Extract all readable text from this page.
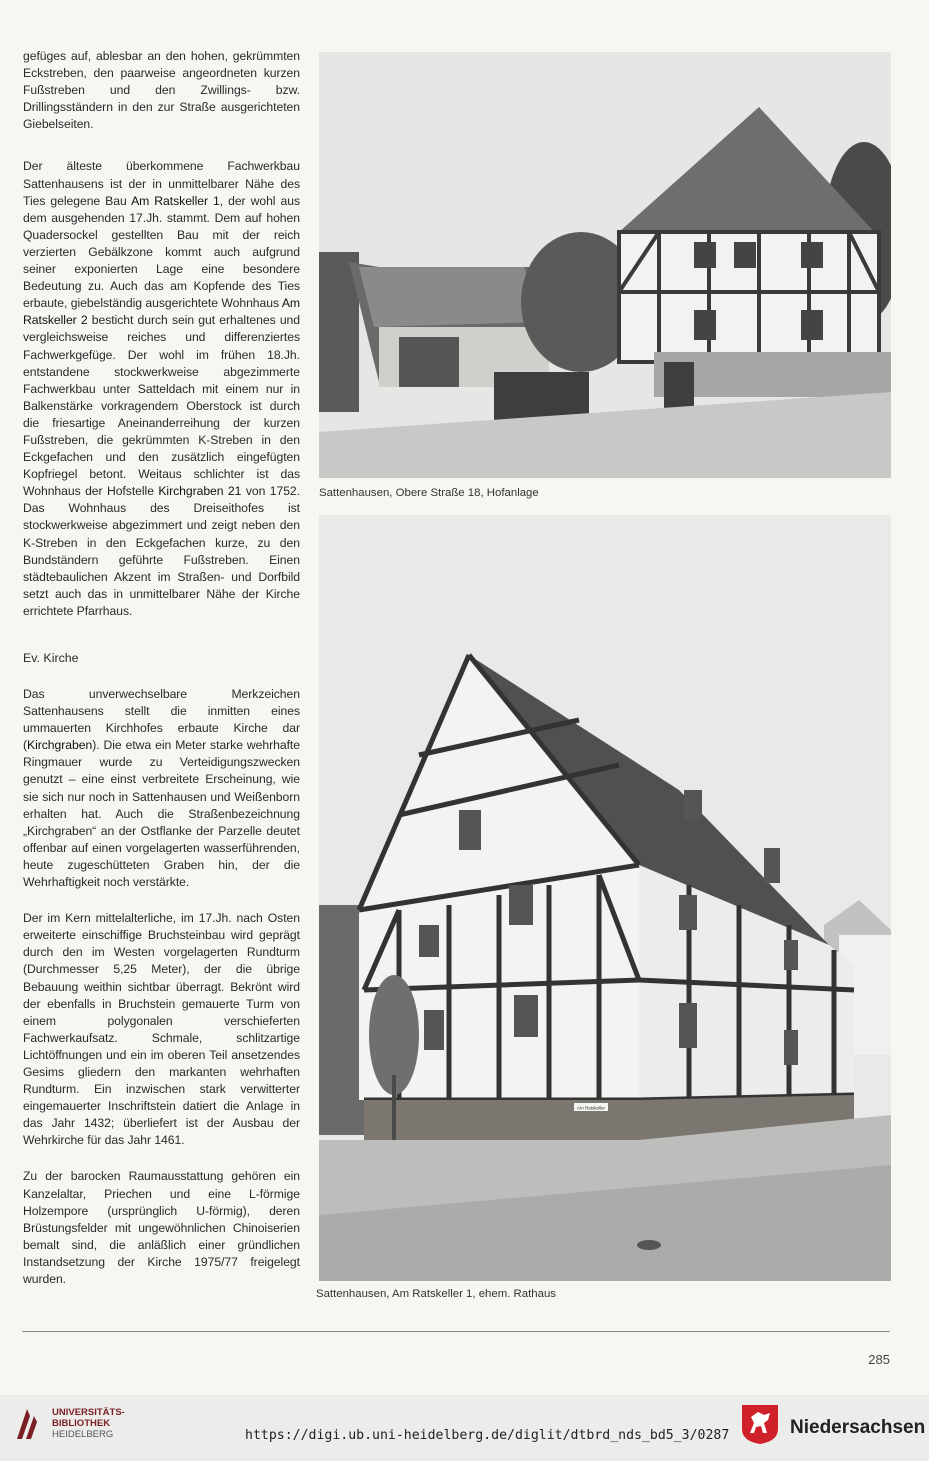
gefüges auf, ablesbar an den hohen, gekrümmten Eckstreben, den paarweise angeordneten kurzen Fußstreben und den Zwillings- bzw. Drillingsständern in den zur Straße ausgerichteten Giebelseiten.

Der älteste überkommene Fachwerkbau Sattenhausens ist der in unmittelbarer Nähe des Ties gelegene Bau Am Ratskeller 1, der wohl aus dem ausgehenden 17.Jh. stammt. Dem auf hohen Quadersockel gestellten Bau mit der reich verzierten Gebälkzone kommt auch aufgrund seiner exponierten Lage eine besondere Bedeutung zu. Auch das am Kopfende des Ties erbaute, giebelständig ausgerichtete Wohnhaus Am Ratskeller 2 besticht durch sein gut erhaltenes und vergleichsweise reiches und differenziertes Fachwerkgefüge. Der wohl im frühen 18.Jh. entstandene stockwerkweise abgezimmerte Fachwerkbau unter Satteldach mit einem nur in Balkenstärke vorkragendem Oberstock ist durch die friesartige Aneinanderreihung der kurzen Fußstreben, die gekrümmten K-Streben in den Eckgefachen und den zusätzlich eingefügten Kopfriegel betont. Weitaus schlichter ist das Wohnhaus der Hofstelle Kirchgraben 21 von 1752. Das Wohnhaus des Dreiseithofes ist stockwerkweise abgezimmert und zeigt neben den K-Streben in den Eckgefachen kurze, zu den Bundständern geführte Fußstreben. Einen städtebaulichen Akzent im Straßen- und Dorfbild setzt auch das in unmittelbarer Nähe der Kirche errichtete Pfarrhaus.

Ev. Kirche

Das unverwechselbare Merkzeichen Sattenhausens stellt die inmitten eines ummauerten Kirchhofes erbaute Kirche dar (Kirchgraben). Die etwa ein Meter starke wehrhafte Ringmauer wurde zu Verteidigungszwecken genutzt – eine einst verbreitete Erscheinung, wie sie sich nur noch in Sattenhausen und Weißenborn erhalten hat. Auch die Straßenbezeichnung „Kirchgraben“ an der Ostflanke der Parzelle deutet offenbar auf einen vorgelagerten wasserführenden, heute zugeschütteten Graben hin, der die Wehrhaftigkeit noch verstärkte.

Der im Kern mittelalterliche, im 17.Jh. nach Osten erweiterte einschiffige Bruchsteinbau wird geprägt durch den im Westen vorgelagerten Rundturm (Durchmesser 5,25 Meter), der die übrige Bebauung weithin sichtbar überragt. Bekrönt wird der ebenfalls in Bruchstein gemauerte Turm von einem polygonalen verschieferten Fachwerkaufsatz. Schmale, schlitzartige Lichtöffnungen und ein im oberen Teil ansetzendes Gesims gliedern den markanten wehrhaften Rundturm. Ein inzwischen stark verwitterter eingemauerter Inschriftstein datiert die Anlage in das Jahr 1432; überliefert ist der Ausbau der Wehrkirche für das Jahr 1461.

Zu der barocken Raumausstattung gehören ein Kanzelaltar, Priechen und eine L-förmige Holzempore (ursprünglich U-förmig), deren Brüstungsfelder mit ungewöhnlichen Chinoiserien bemalt sind, die anläßlich einer gründlichen Instandsetzung der Kirche 1975/77 freigelegt wurden.

Sattenhausen, Obere Straße 18, Hofanlage
Am Ratskeller
Sattenhausen, Am Ratskeller 1, ehem. Rathaus
285
UNIVERSITÄTS-
BIBLIOTHEK
HEIDELBERG	https://digi.ub.uni-heidelberg.de/diglit/dtbrd_nds_bd5_3/0287	Niedersachsen
